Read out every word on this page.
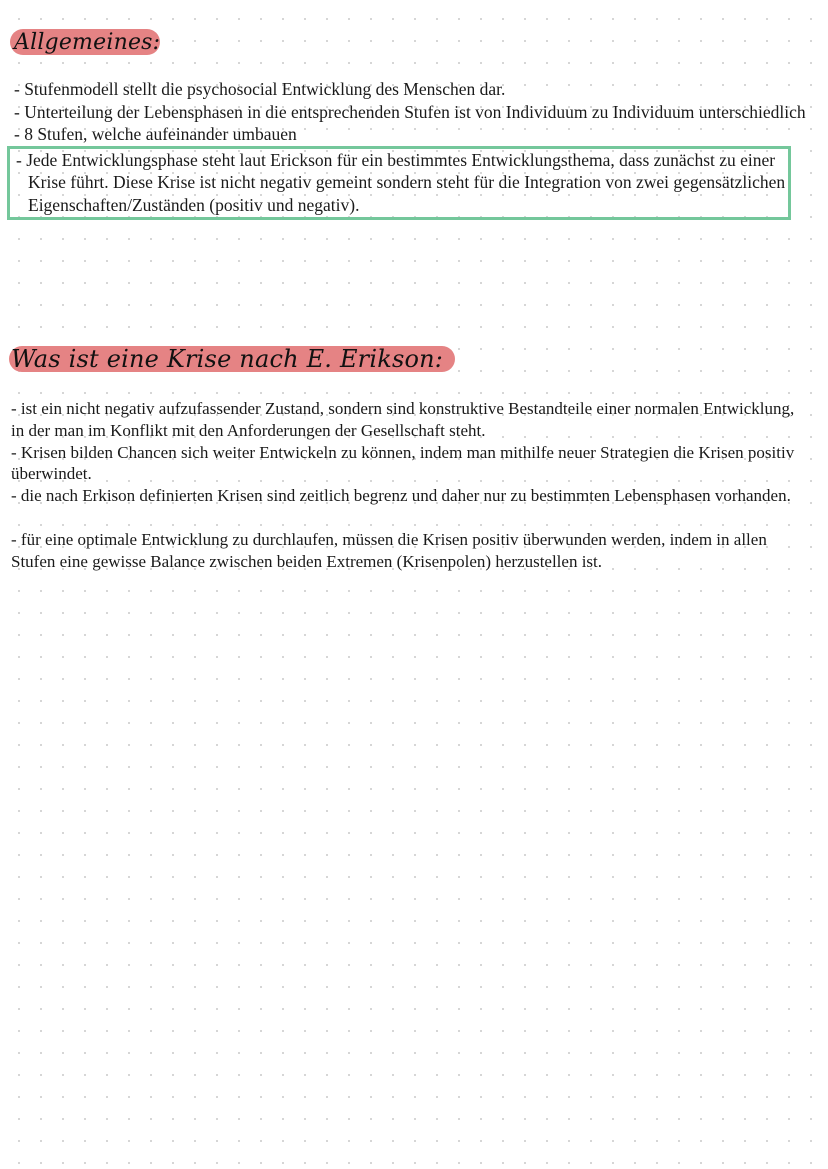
Allgemeines:
- Stufenmodell stellt die psychosocial Entwicklung des Menschen dar.
- Unterteilung der Lebensphasen in die entsprechenden Stufen ist von Individuum zu Individuum unterschiedlich
- 8 Stufen, welche aufeinander umbauen
- Jede Entwicklungsphase steht laut Erickson für ein bestimmtes Entwicklungsthema, dass zunächst zu einer Krise führt. Diese Krise ist nicht negativ gemeint sondern steht für die Integration von zwei gegensätzlichen Eigenschaften/Zuständen (positiv und negativ).
Was ist eine Krise nach E. Erikson:

- ist ein nicht negativ aufzufassender Zustand, sondern sind konstruktive Bestandteile einer normalen Entwicklung, in der man im Konflikt mit den Anforderungen der Gesellschaft steht.

- Krisen bilden Chancen sich weiter Entwickeln zu können, indem man mithilfe neuer Strategien die Krisen positiv überwindet.

- die nach Erkison definierten Krisen sind zeitlich begrenz und daher nur zu bestimmten Lebensphasen vorhanden.

- für eine optimale Entwicklung zu durchlaufen, müssen die Krisen positiv überwunden werden, indem in allen Stufen eine gewisse Balance zwischen beiden Extremen (Krisenpolen) herzustellen ist.
